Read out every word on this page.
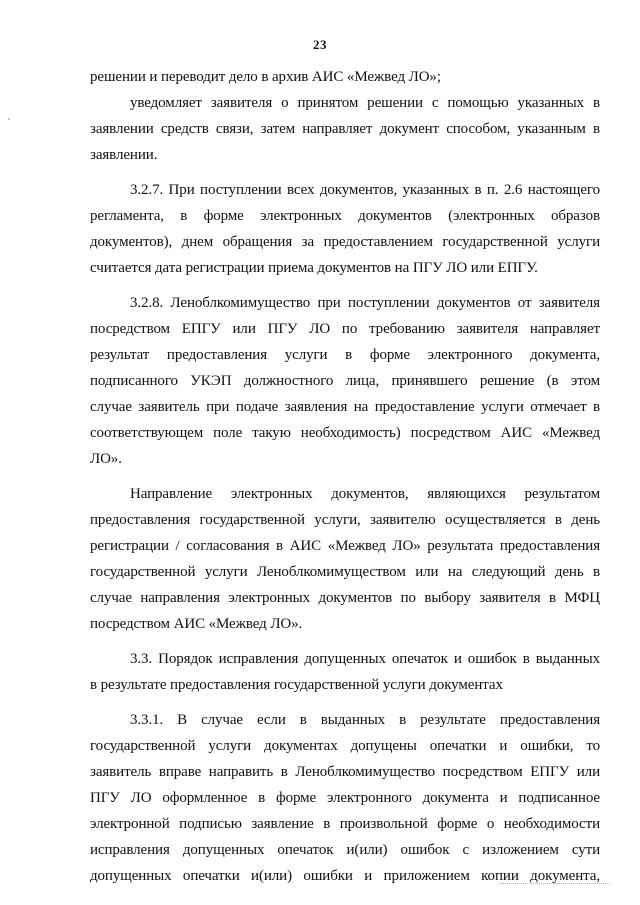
23

решении и переводит дело в архив АИС «Межвед ЛО»;

уведомляет заявителя о принятом решении с помощью указанных в
заявлении средств связи, затем направляет документ способом, указанным в
заявлении.

3.2.7. При поступлении всех документов, указанных в п. 2.6 настоящего
регламента, в форме электронных документов (электронных образов
документов), днем обращения за предоставлением государственной услуги
считается дата регистрации приема документов на ПГУ ЛО или ЕПГУ.

3.2.8. Леноблкомимущество при поступлении документов от заявителя
посредством ЕПГУ или ПГУ ЛО по требованию заявителя направляет
результат предоставления услуги в форме электронного документа,
подписанного УКЭП должностного лица, принявшего решение (в этом
случае заявитель при подаче заявления на предоставление услуги отмечает в
соответствующем поле такую необходимость) посредством АИС «Межвед
ЛО».

Направление электронных документов, являющихся результатом
предоставления государственной услуги, заявителю осуществляется в день
регистрации / согласования в АИС «Межвед ЛО» результата предоставления
государственной услуги Леноблкомимуществом или на следующий день в
случае направления электронных документов по выбору заявителя в МФЦ
посредством АИС «Межвед ЛО».

3.3. Порядок исправления допущенных опечаток и ошибок в выданных
в результате предоставления государственной услуги документах

3.3.1. В случае если в выданных в результате предоставления
государственной услуги документах допущены опечатки и ошибки, то
заявитель вправе направить в Леноблкомимущество посредством ЕПГУ или
ПГУ ЛО оформленное в форме электронного документа и подписанное
электронной подписью заявление в произвольной форме о необходимости
исправления допущенных опечаток и(или) ошибок с изложением сути
допущенных опечатки и(или) ошибки и приложением копии документа,
